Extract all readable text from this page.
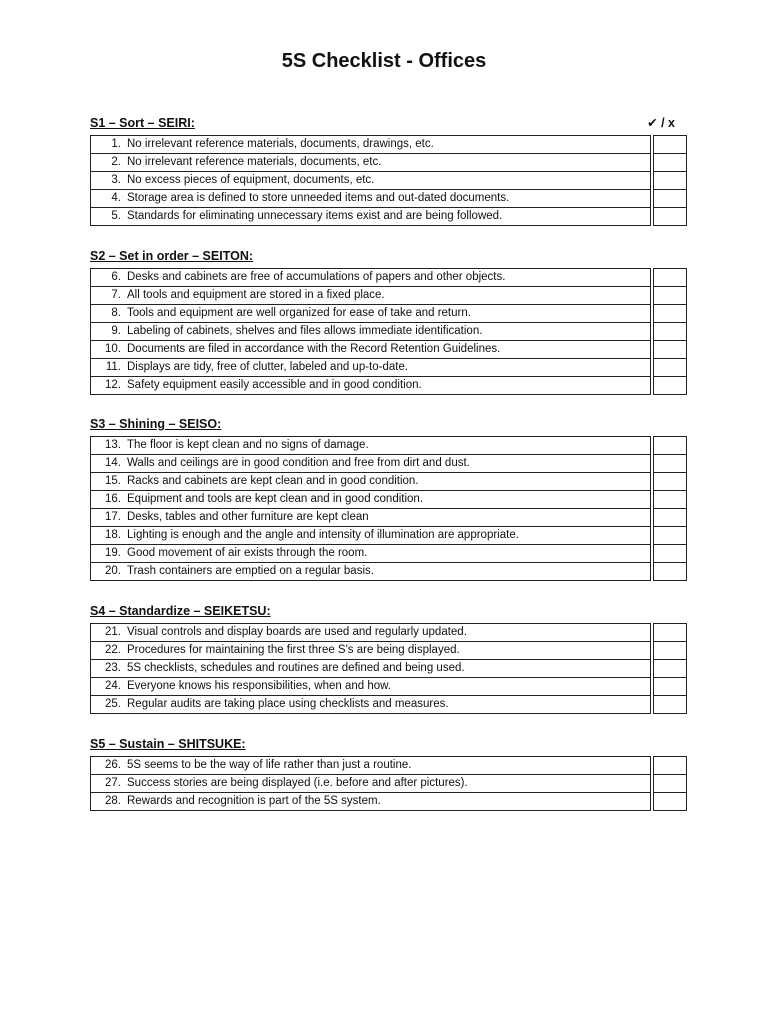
5S Checklist - Offices
S1 – Sort – SEIRI:	✔ / x
1. No irrelevant reference materials, documents, drawings, etc.
2. No irrelevant reference materials, documents, etc.
3. No excess pieces of equipment, documents, etc.
4. Storage area is defined to store unneeded items and out-dated documents.
5. Standards for eliminating unnecessary items exist and are being followed.
S2 – Set in order – SEITON:
6. Desks and cabinets are free of accumulations of papers and other objects.
7. All tools and equipment are stored in a fixed place.
8. Tools and equipment are well organized for ease of take and return.
9. Labeling of cabinets, shelves and files allows immediate identification.
10. Documents are filed in accordance with the Record Retention Guidelines.
11. Displays are tidy, free of clutter, labeled and up-to-date.
12. Safety equipment easily accessible and in good condition.
S3 – Shining – SEISO:
13. The floor is kept clean and no signs of damage.
14. Walls and ceilings are in good condition and free from dirt and dust.
15. Racks and cabinets are kept clean and in good condition.
16. Equipment and tools are kept clean and in good condition.
17. Desks, tables and other furniture are kept clean
18. Lighting is enough and the angle and intensity of illumination are appropriate.
19. Good movement of air exists through the room.
20. Trash containers are emptied on a regular basis.
S4 – Standardize – SEIKETSU:
21. Visual controls and display boards are used and regularly updated.
22. Procedures for maintaining the first three S's are being displayed.
23. 5S checklists, schedules and routines are defined and being used.
24. Everyone knows his responsibilities, when and how.
25. Regular audits are taking place using checklists and measures.
S5 – Sustain – SHITSUKE:
26. 5S seems to be the way of life rather than just a routine.
27. Success stories are being displayed (i.e. before and after pictures).
28. Rewards and recognition is part of the 5S system.
